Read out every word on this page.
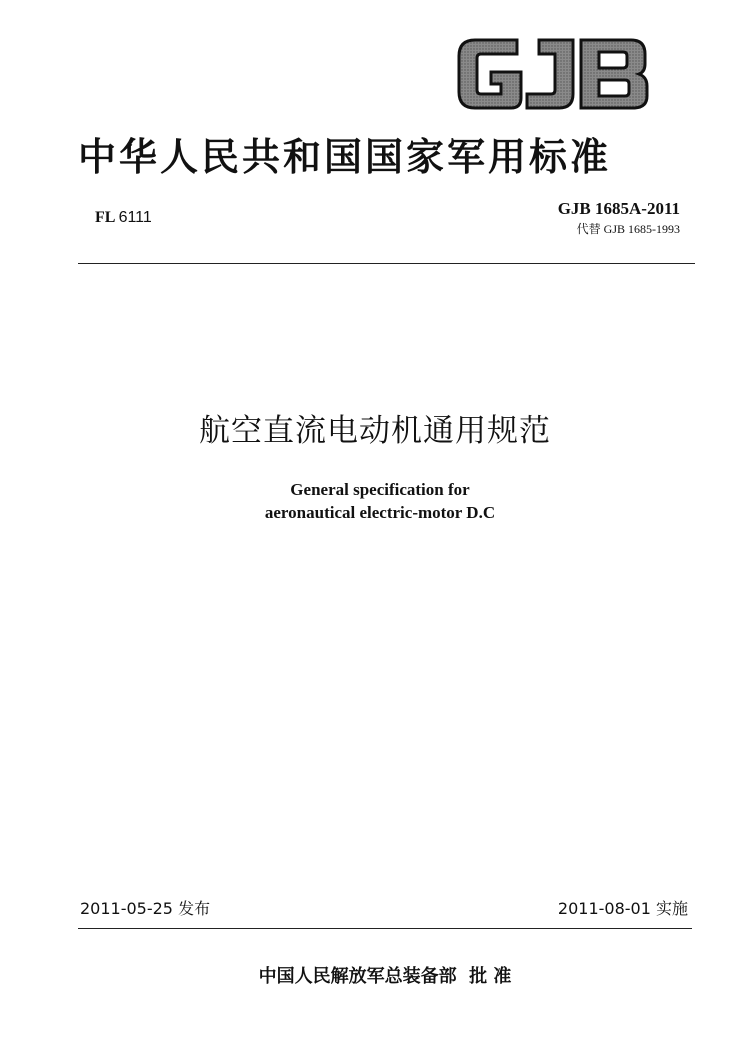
中华人民共和国国家军用标准
FL 6111	GJB 1685A-2011
代替 GJB 1685-1993
航空直流电动机通用规范
General specification for
aeronautical electric-motor D.C
2011-05-25 发布	2011-08-01 实施
中国人民解放军总装备部  批 准
